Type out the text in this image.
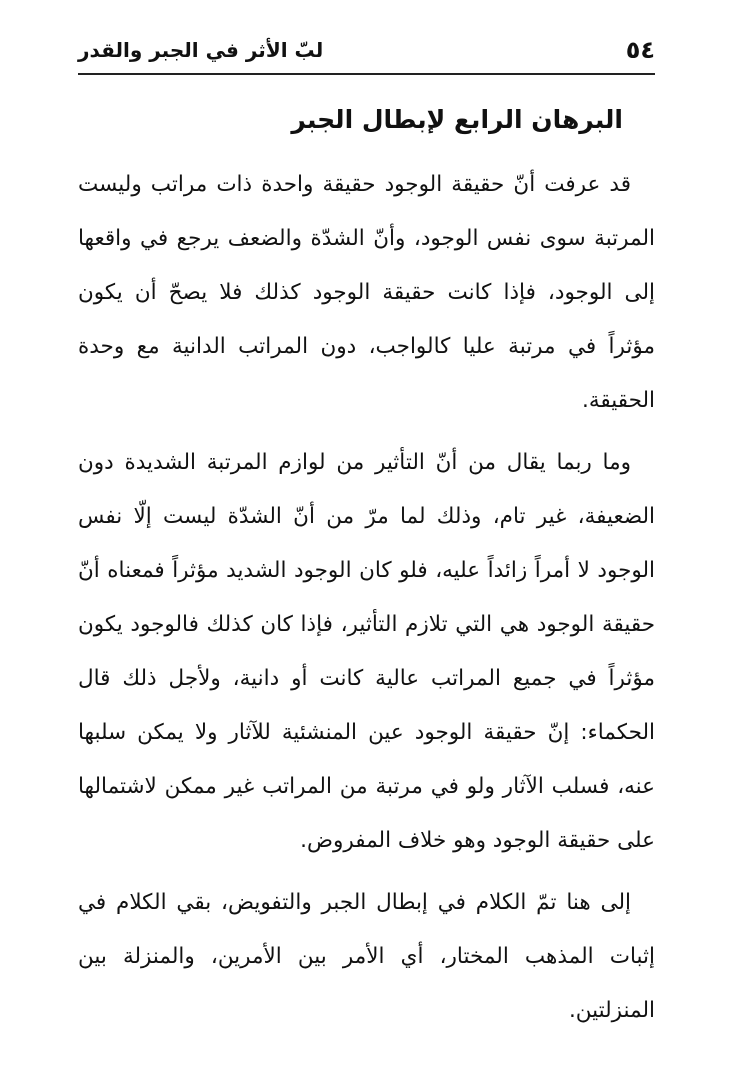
٥٤
لبّ الأثر في الجبر والقدر
البرهان الرابع لإبطال الجبر

قد عرفت أنّ حقيقة الوجود حقيقة واحدة ذات مراتب وليست المرتبة سوى نفس الوجود، وأنّ الشدّة والضعف يرجع في واقعها إلى الوجود، فإذا كانت حقيقة الوجود كذلك فلا يصحّ أن يكون مؤثراً في مرتبة عليا كالواجب، دون المراتب الدانية مع وحدة الحقيقة.

وما ربما يقال من أنّ التأثير من لوازم المرتبة الشديدة دون الضعيفة، غير تام، وذلك لما مرّ من أنّ الشدّة ليست إلّا نفس الوجود لا أمراً زائداً عليه، فلو كان الوجود الشديد مؤثراً فمعناه أنّ حقيقة الوجود هي التي تلازم التأثير، فإذا كان كذلك فالوجود يكون مؤثراً في جميع المراتب عالية كانت أو دانية، ولأجل ذلك قال الحكماء: إنّ حقيقة الوجود عين المنشئية للآثار ولا يمكن سلبها عنه، فسلب الآثار ولو في مرتبة من المراتب غير ممكن لاشتمالها على حقيقة الوجود وهو خلاف المفروض.

إلى هنا تمّ الكلام في إبطال الجبر والتفويض، بقي الكلام في إثبات المذهب المختار، أي الأمر بين الأمرين، والمنزلة بين المنزلتين.
